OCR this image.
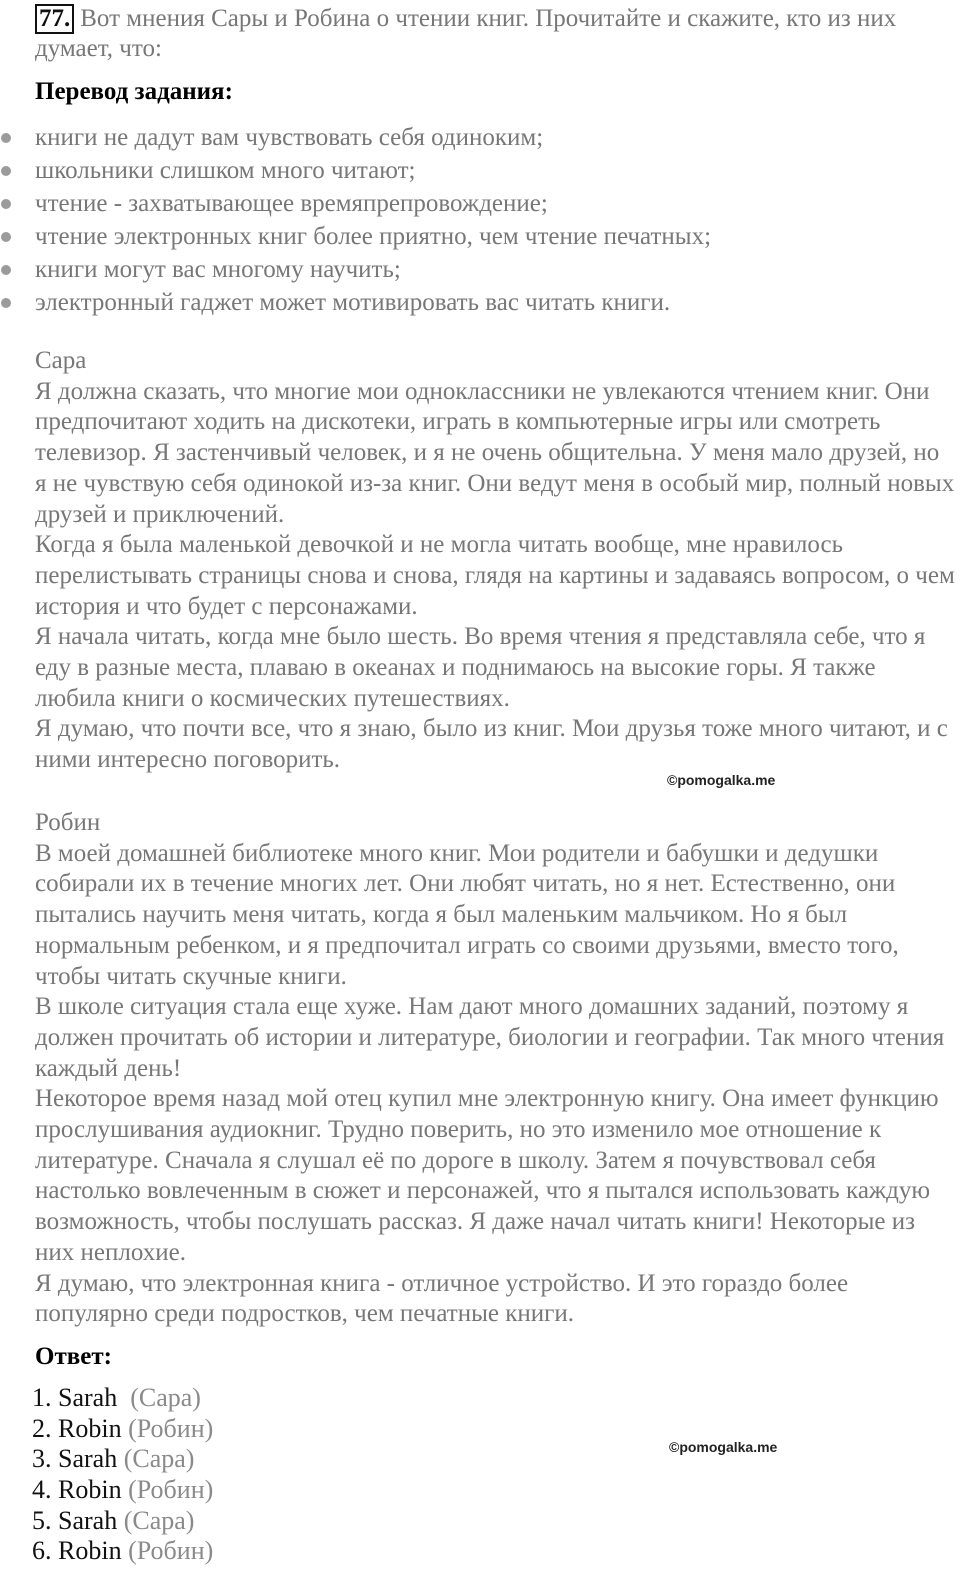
77. Вот мнения Сары и Робина о чтении книг. Прочитайте и скажите, кто из них думает, что:
Перевод задания:
книги не дадут вам чувствовать себя одиноким;
школьники слишком много читают;
чтение - захватывающее времяпрепровождение;
чтение электронных книг более приятно, чем чтение печатных;
книги могут вас многому научить;
электронный гаджет может мотивировать вас читать книги.

Сара

Я должна сказать, что многие мои одноклассники не увлекаются чтением книг. Они предпочитают ходить на дискотеки, играть в компьютерные игры или смотреть телевизор. Я застенчивый человек, и я не очень общительна. У меня мало друзей, но я не чувствую себя одинокой из-за книг. Они ведут меня в особый мир, полный новых друзей и приключений.

Когда я была маленькой девочкой и не могла читать вообще, мне нравилось перелистывать страницы снова и снова, глядя на картины и задаваясь вопросом, о чем история и что будет с персонажами.

Я начала читать, когда мне было шесть. Во время чтения я представляла себе, что я еду в разные места, плаваю в океанах и поднимаюсь на высокие горы. Я также любила книги о космических путешествиях.

Я думаю, что почти все, что я знаю, было из книг. Мои друзья тоже много читают, и с ними интересно поговорить.

©pomogalka.me

Робин

В моей домашней библиотеке много книг. Мои родители и бабушки и дедушки собирали их в течение многих лет. Они любят читать, но я нет. Естественно, они пытались научить меня читать, когда я был маленьким мальчиком. Но я был нормальным ребенком, и я предпочитал играть со своими друзьями, вместо того, чтобы читать скучные книги.

В школе ситуация стала еще хуже. Нам дают много домашних заданий, поэтому я должен прочитать об истории и литературе, биологии и географии. Так много чтения каждый день!

Некоторое время назад мой отец купил мне электронную книгу. Она имеет функцию прослушивания аудиокниг. Трудно поверить, но это изменило мое отношение к литературе. Сначала я слушал её по дороге в школу. Затем я почувствовал себя настолько вовлеченным в сюжет и персонажей, что я пытался использовать каждую возможность, чтобы послушать рассказ. Я даже начал читать книги! Некоторые из них неплохие.

Я думаю, что электронная книга - отличное устройство. И это гораздо более популярно среди подростков, чем печатные книги.

Ответ:
1. Sarah (Сара)
2. Robin (Робин)
3. Sarah (Сара)
4. Robin (Робин)
5. Sarah (Сара)
6. Robin (Робин)
©pomogalka.me
